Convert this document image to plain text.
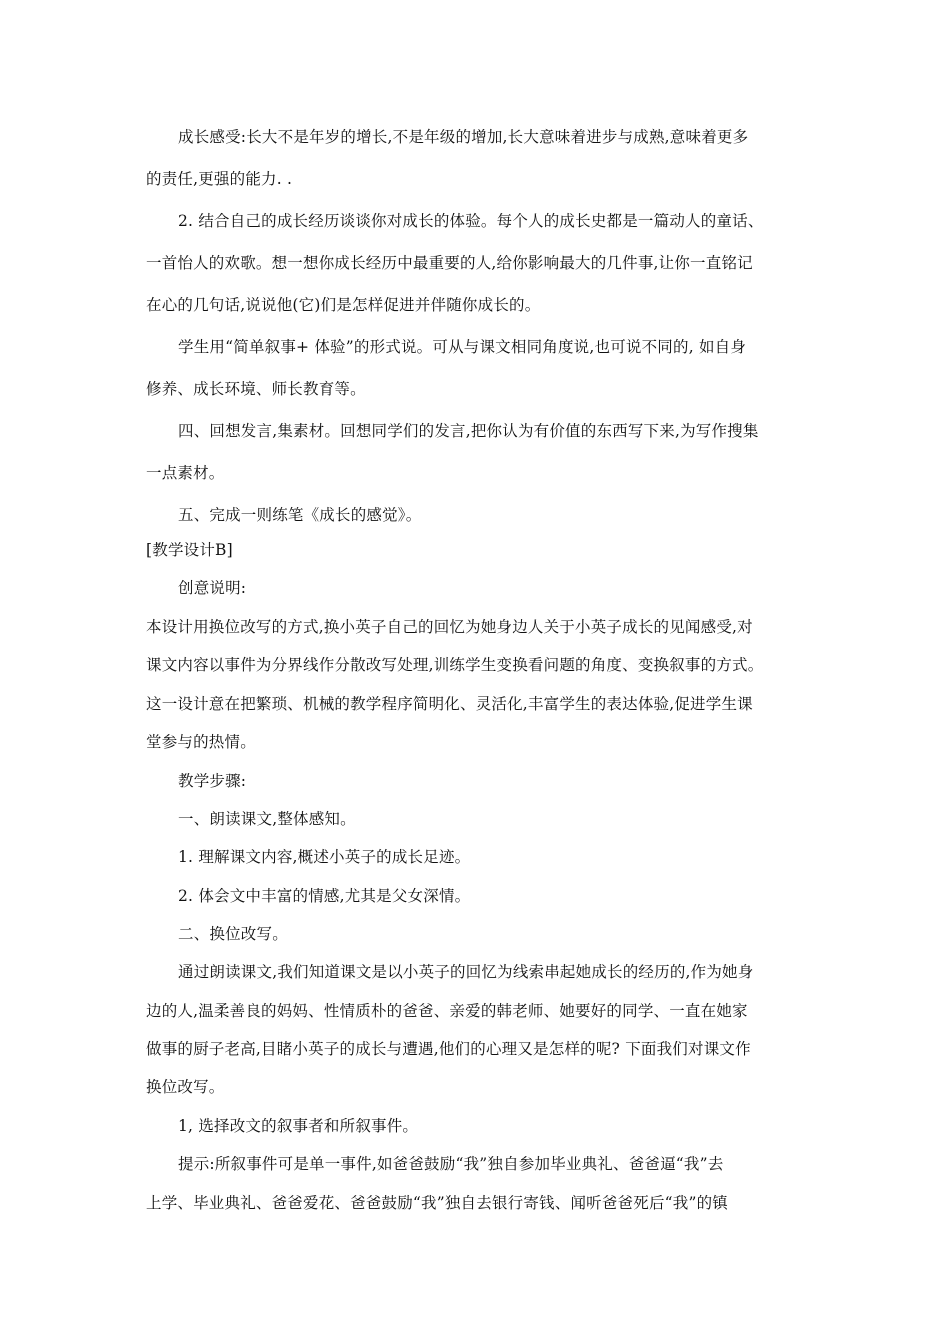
成长感受:长大不是年岁的增长,不是年级的增加,长大意味着进步与成熟,意味着更多
的责任,更强的能力. .
2. 结合自己的成长经历谈谈你对成长的体验。每个人的成长史都是一篇动人的童话、
一首怡人的欢歌。想一想你成长经历中最重要的人,给你影响最大的几件事,让你一直铭记
在心的几句话,说说他(它)们是怎样促进并伴随你成长的。
学生用“简单叙事+ 体验”的形式说。可从与课文相同角度说,也可说不同的, 如自身
修养、成长环境、师长教育等。
四、回想发言,集素材。回想同学们的发言,把你认为有价值的东西写下来,为写作搜集
一点素材。
五、完成一则练笔《成长的感觉》。
[教学设计B]
创意说明:
本设计用换位改写的方式,换小英子自己的回忆为她身边人关于小英子成长的见闻感受,对
课文内容以事件为分界线作分散改写处理,训练学生变换看问题的角度、变换叙事的方式。
这一设计意在把繁琐、机械的教学程序简明化、灵活化,丰富学生的表达体验,促进学生课
堂参与的热情。
教学步骤:
一、朗读课文,整体感知。
1. 理解课文内容,概述小英子的成长足迹。
2. 体会文中丰富的情感,尤其是父女深情。
二、换位改写。
通过朗读课文,我们知道课文是以小英子的回忆为线索串起她成长的经历的,作为她身
边的人,温柔善良的妈妈、性情质朴的爸爸、亲爱的韩老师、她要好的同学、一直在她家
做事的厨子老高,目睹小英子的成长与遭遇,他们的心理又是怎样的呢? 下面我们对课文作
换位改写。
1, 选择改文的叙事者和所叙事件。
提示:所叙事件可是单一事件,如爸爸鼓励“我”独自参加毕业典礼、爸爸逼“我”去
上学、毕业典礼、爸爸爱花、爸爸鼓励“我”独自去银行寄钱、闻听爸爸死后“我”的镇
